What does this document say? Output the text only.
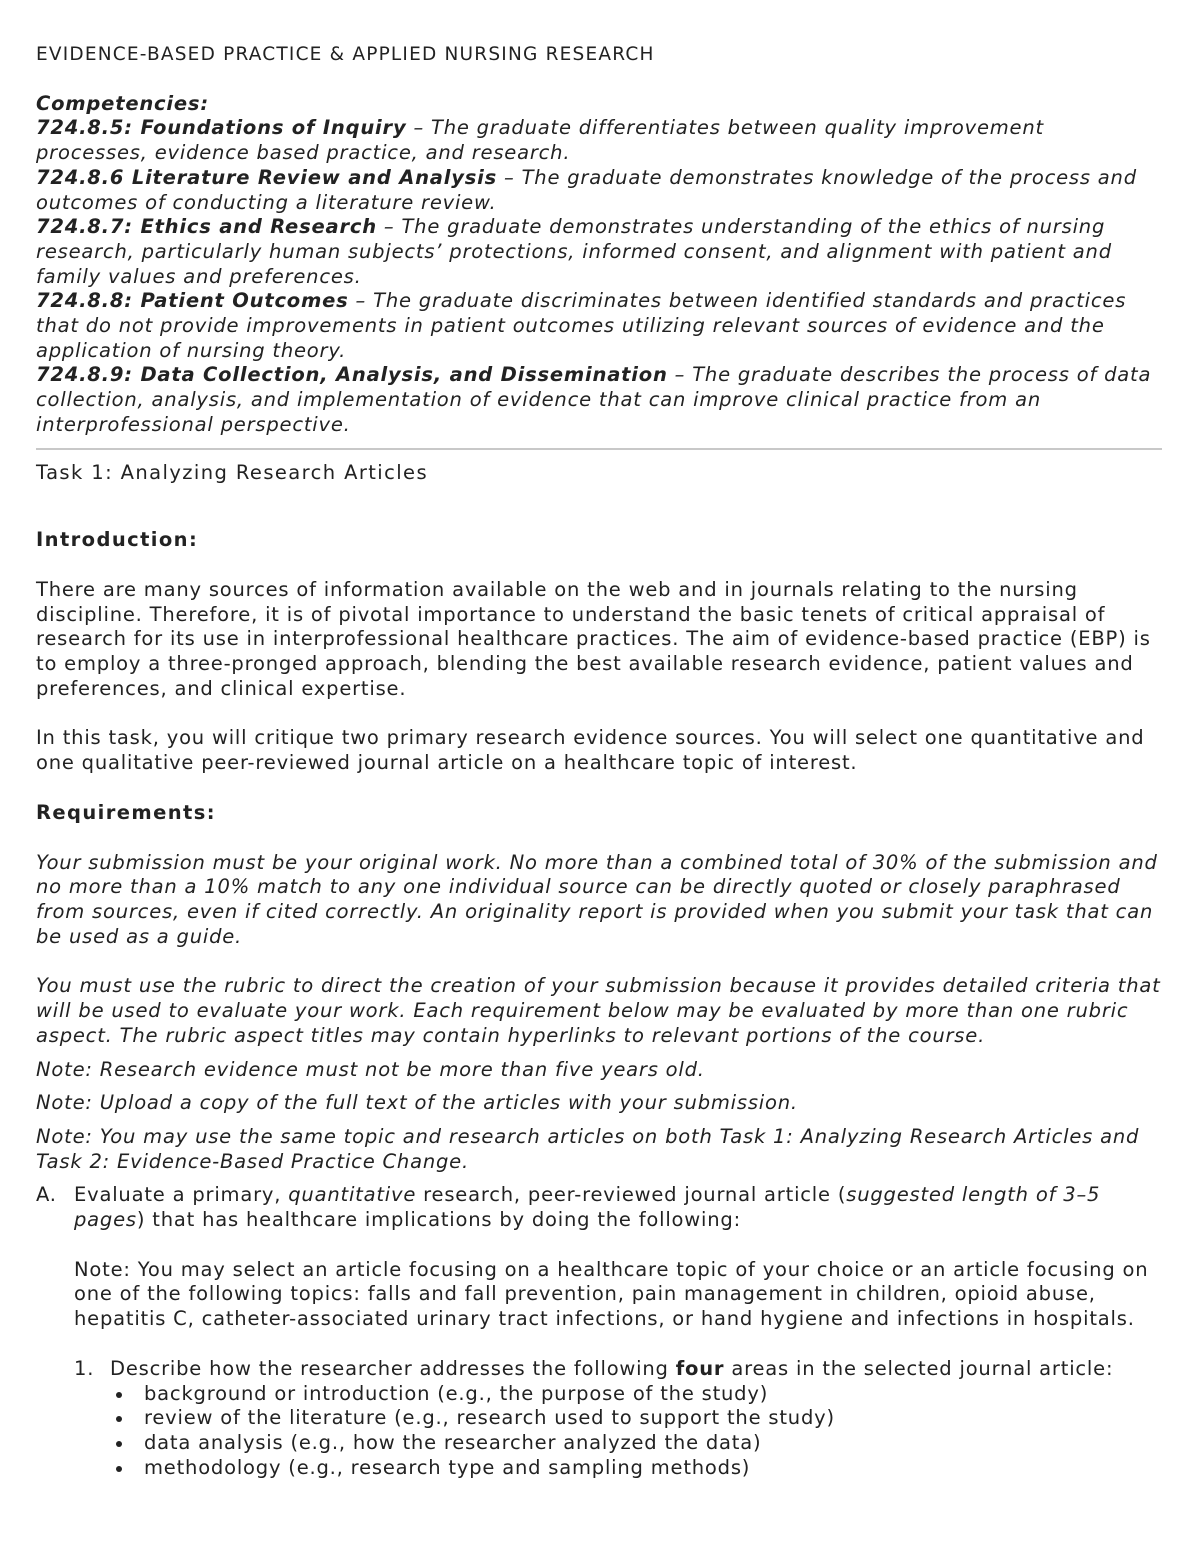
EVIDENCE-BASED PRACTICE & APPLIED NURSING RESEARCH

Competencies:

724.8.5: Foundations of Inquiry – The graduate differentiates between quality improvement processes, evidence based practice, and research.

724.8.6 Literature Review and Analysis – The graduate demonstrates knowledge of the process and outcomes of conducting a literature review.

724.8.7: Ethics and Research – The graduate demonstrates understanding of the ethics of nursing research, particularly human subjects’ protections, informed consent, and alignment with patient and family values and preferences.

724.8.8: Patient Outcomes – The graduate discriminates between identified standards and practices that do not provide improvements in patient outcomes utilizing relevant sources of evidence and the application of nursing theory.

724.8.9: Data Collection, Analysis, and Dissemination – The graduate describes the process of data collection, analysis, and implementation of evidence that can improve clinical practice from an interprofessional perspective.

Task 1: Analyzing Research Articles

Introduction:

There are many sources of information available on the web and in journals relating to the nursing discipline. Therefore, it is of pivotal importance to understand the basic tenets of critical appraisal of research for its use in interprofessional healthcare practices. The aim of evidence-based practice (EBP) is to employ a three-pronged approach, blending the best available research evidence, patient values and preferences, and clinical expertise.

In this task, you will critique two primary research evidence sources. You will select one quantitative and one qualitative peer-reviewed journal article on a healthcare topic of interest.

Requirements:

Your submission must be your original work. No more than a combined total of 30% of the submission and no more than a 10% match to any one individual source can be directly quoted or closely paraphrased from sources, even if cited correctly. An originality report is provided when you submit your task that can be used as a guide.

You must use the rubric to direct the creation of your submission because it provides detailed criteria that will be used to evaluate your work. Each requirement below may be evaluated by more than one rubric aspect. The rubric aspect titles may contain hyperlinks to relevant portions of the course.

Note: Research evidence must not be more than five years old.

Note: Upload a copy of the full text of the articles with your submission.

Note: You may use the same topic and research articles on both Task 1: Analyzing Research Articles and Task 2: Evidence-Based Practice Change.

A. Evaluate a primary, quantitative research, peer-reviewed journal article (suggested length of 3–5 pages) that has healthcare implications by doing the following:

Note: You may select an article focusing on a healthcare topic of your choice or an article focusing on one of the following topics: falls and fall prevention, pain management in children, opioid abuse, hepatitis C, catheter-associated urinary tract infections, or hand hygiene and infections in hospitals.

1. Describe how the researcher addresses the following four areas in the selected journal article:

background or introduction (e.g., the purpose of the study)
review of the literature (e.g., research used to support the study)
data analysis (e.g., how the researcher analyzed the data)
methodology (e.g., research type and sampling methods)
